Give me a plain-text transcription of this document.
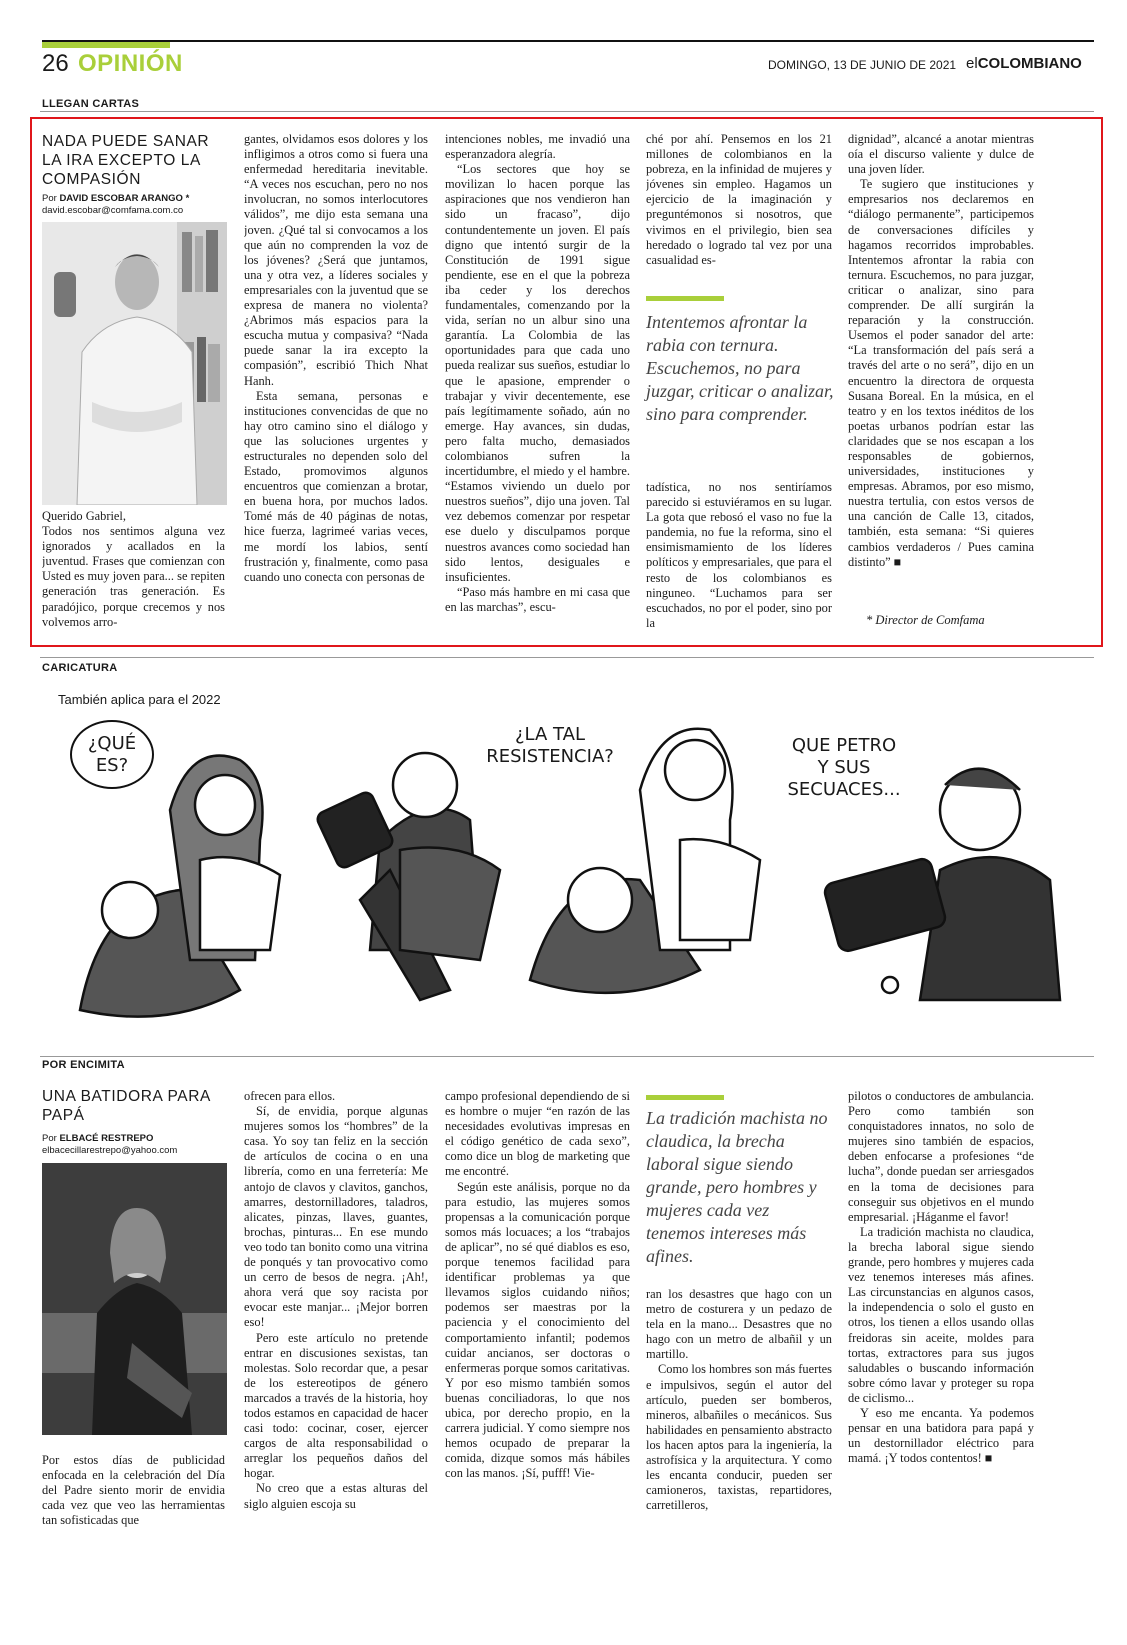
26 OPINIÓN	DOMINGO, 13 DE JUNIO DE 2021 elCOLOMBIANO
LLEGAN CARTAS
NADA PUEDE SANAR LA IRA EXCEPTO LA COMPASIÓN
Por DAVID ESCOBAR ARANGO *
david.escobar@comfama.com.co

Querido Gabriel,

Todos nos sentimos alguna vez ignorados y acallados en la juventud. Frases que comienzan con Usted es muy joven para... se repiten generación tras generación. Es paradójico, porque crecemos y nos volvemos arro-

gantes, olvidamos esos dolores y los infligimos a otros como si fuera una enfermedad hereditaria inevitable. “A veces nos escuchan, pero no nos involucran, no somos interlocutores válidos”, me dijo esta semana una joven. ¿Qué tal si convocamos a los que aún no comprenden la voz de los jóvenes? ¿Será que juntamos, una y otra vez, a líderes sociales y empresariales con la juventud que se expresa de manera no violenta? ¿Abrimos más espacios para la escucha mutua y compasiva? “Nada puede sanar la ira excepto la compasión”, escribió Thich Nhat Hanh.

Esta semana, personas e instituciones convencidas de que no hay otro camino sino el diálogo y que las soluciones urgentes y estructurales no dependen solo del Estado, promovimos algunos encuentros que comienzan a brotar, en buena hora, por muchos lados. Tomé más de 40 páginas de notas, hice fuerza, lagrimeé varias veces, me mordí los labios, sentí frustración y, finalmente, como pasa cuando uno conecta con personas de

intenciones nobles, me invadió una esperanzadora alegría.

“Los sectores que hoy se movilizan lo hacen porque las aspiraciones que nos vendieron han sido un fracaso”, dijo contundentemente un joven. El país digno que intentó surgir de la Constitución de 1991 sigue pendiente, ese en el que la pobreza iba ceder y los derechos fundamentales, comenzando por la vida, serían no un albur sino una garantía. La Colombia de las oportunidades para que cada uno pueda realizar sus sueños, estudiar lo que le apasione, emprender o trabajar y vivir decentemente, ese país legítimamente soñado, aún no emerge. Hay avances, sin dudas, pero falta mucho, demasiados colombianos sufren la incertidumbre, el miedo y el hambre. “Estamos viviendo un duelo por nuestros sueños”, dijo una joven. Tal vez debemos comenzar por respetar ese duelo y disculpamos porque nuestros avances como sociedad han sido lentos, desiguales e insuficientes.

“Paso más hambre en mi casa que en las marchas”, escu-

ché por ahí. Pensemos en los 21 millones de colombianos en la pobreza, en la infinidad de mujeres y jóvenes sin empleo. Hagamos un ejercicio de la imaginación y preguntémonos si nosotros, que vivimos en el privilegio, bien sea heredado o logrado tal vez por una casualidad es-

Intentemos afrontar la rabia con ternura. Escuchemos, no para juzgar, criticar o analizar, sino para comprender.

tadística, no nos sentiríamos parecido si estuviéramos en su lugar. La gota que rebosó el vaso no fue la pandemia, no fue la reforma, sino el ensimismamiento de los líderes políticos y empresariales, que para el resto de los colombianos es ninguneo. “Luchamos para ser escuchados, no por el poder, sino por la

dignidad”, alcancé a anotar mientras oía el discurso valiente y dulce de una joven líder.

Te sugiero que instituciones y empresarios nos declaremos en “diálogo permanente”, participemos de conversaciones difíciles y hagamos recorridos improbables. Intentemos afrontar la rabia con ternura. Escuchemos, no para juzgar, criticar o analizar, sino para comprender. De allí surgirán la reparación y la construcción. Usemos el poder sanador del arte: “La transformación del país será a través del arte o no será”, dijo en un encuentro la directora de orquesta Susana Boreal. En la música, en el teatro y en los textos inéditos de los poetas urbanos podrían estar las claridades que se nos escapan a los responsables de gobiernos, universidades, instituciones y empresas. Abramos, por eso mismo, nuestra tertulia, con estos versos de una canción de Calle 13, citados, también, esta semana: “Si quieres cambios verdaderos / Pues camina distinto” ■

* Director de Comfama
CARICATURA
También aplica para el 2022
¿QUÉ ES?
¿LA TAL RESISTENCIA?
QUE PETRO Y SUS SECUACES...
POR ENCIMITA
UNA BATIDORA PARA PAPÁ
Por ELBACÉ RESTREPO
elbacecillarestrepo@yahoo.com

Por estos días de publicidad enfocada en la celebración del Día del Padre siento morir de envidia cada vez que veo las herramientas tan sofisticadas que

ofrecen para ellos.

Sí, de envidia, porque algunas mujeres somos los “hombres” de la casa. Yo soy tan feliz en la sección de artículos de cocina o en una librería, como en una ferretería: Me antojo de clavos y clavitos, ganchos, amarres, destornilladores, taladros, alicates, pinzas, llaves, guantes, brochas, pinturas... En ese mundo veo todo tan bonito como una vitrina de ponqués y tan provocativo como un cerro de besos de negra. ¡Ah!, ahora verá que soy racista por evocar este manjar... ¡Mejor borren eso!

Pero este artículo no pretende entrar en discusiones sexistas, tan molestas. Solo recordar que, a pesar de los estereotipos de género marcados a través de la historia, hoy todos estamos en capacidad de hacer casi todo: cocinar, coser, ejercer cargos de alta responsabilidad o arreglar los pequeños daños del hogar.

No creo que a estas alturas del siglo alguien escoja su

campo profesional dependiendo de si es hombre o mujer “en razón de las necesidades evolutivas impresas en el código genético de cada sexo”, como dice un blog de marketing que me encontré.

Según este análisis, porque no da para estudio, las mujeres somos propensas a la comunicación porque somos más locuaces; a los “trabajos de aplicar”, no sé qué diablos es eso, porque tenemos facilidad para identificar problemas ya que llevamos siglos cuidando niños; podemos ser maestras por la paciencia y el conocimiento del comportamiento infantil; podemos cuidar ancianos, ser doctoras o enfermeras porque somos caritativas. Y por eso mismo también somos buenas conciliadoras, lo que nos ubica, por derecho propio, en la carrera judicial. Y como siempre nos hemos ocupado de preparar la comida, dizque somos más hábiles con las manos. ¡Sí, pufff! Vie-

La tradición machista no claudica, la brecha laboral sigue siendo grande, pero hombres y mujeres cada vez tenemos intereses más afines.

ran los desastres que hago con un metro de costurera y un pedazo de tela en la mano... Desastres que no hago con un metro de albañil y un martillo.

Como los hombres son más fuertes e impulsivos, según el autor del artículo, pueden ser bomberos, mineros, albañiles o mecánicos. Sus habilidades en pensamiento abstracto los hacen aptos para la ingeniería, la astrofísica y la arquitectura. Y como les encanta conducir, pueden ser camioneros, taxistas, repartidores, carretilleros,

pilotos o conductores de ambulancia. Pero como también son conquistadores innatos, no solo de mujeres sino también de espacios, deben enfocarse a profesiones “de lucha”, donde puedan ser arriesgados en la toma de decisiones para conseguir sus objetivos en el mundo empresarial. ¡Háganme el favor!

La tradición machista no claudica, la brecha laboral sigue siendo grande, pero hombres y mujeres cada vez tenemos intereses más afines. Las circunstancias en algunos casos, la independencia o solo el gusto en otros, los tienen a ellos usando ollas freidoras sin aceite, moldes para tortas, extractores para sus jugos saludables o buscando información sobre cómo lavar y proteger su ropa de ciclismo...

Y eso me encanta. Ya podemos pensar en una batidora para papá y un destornillador eléctrico para mamá. ¡Y todos contentos! ■
